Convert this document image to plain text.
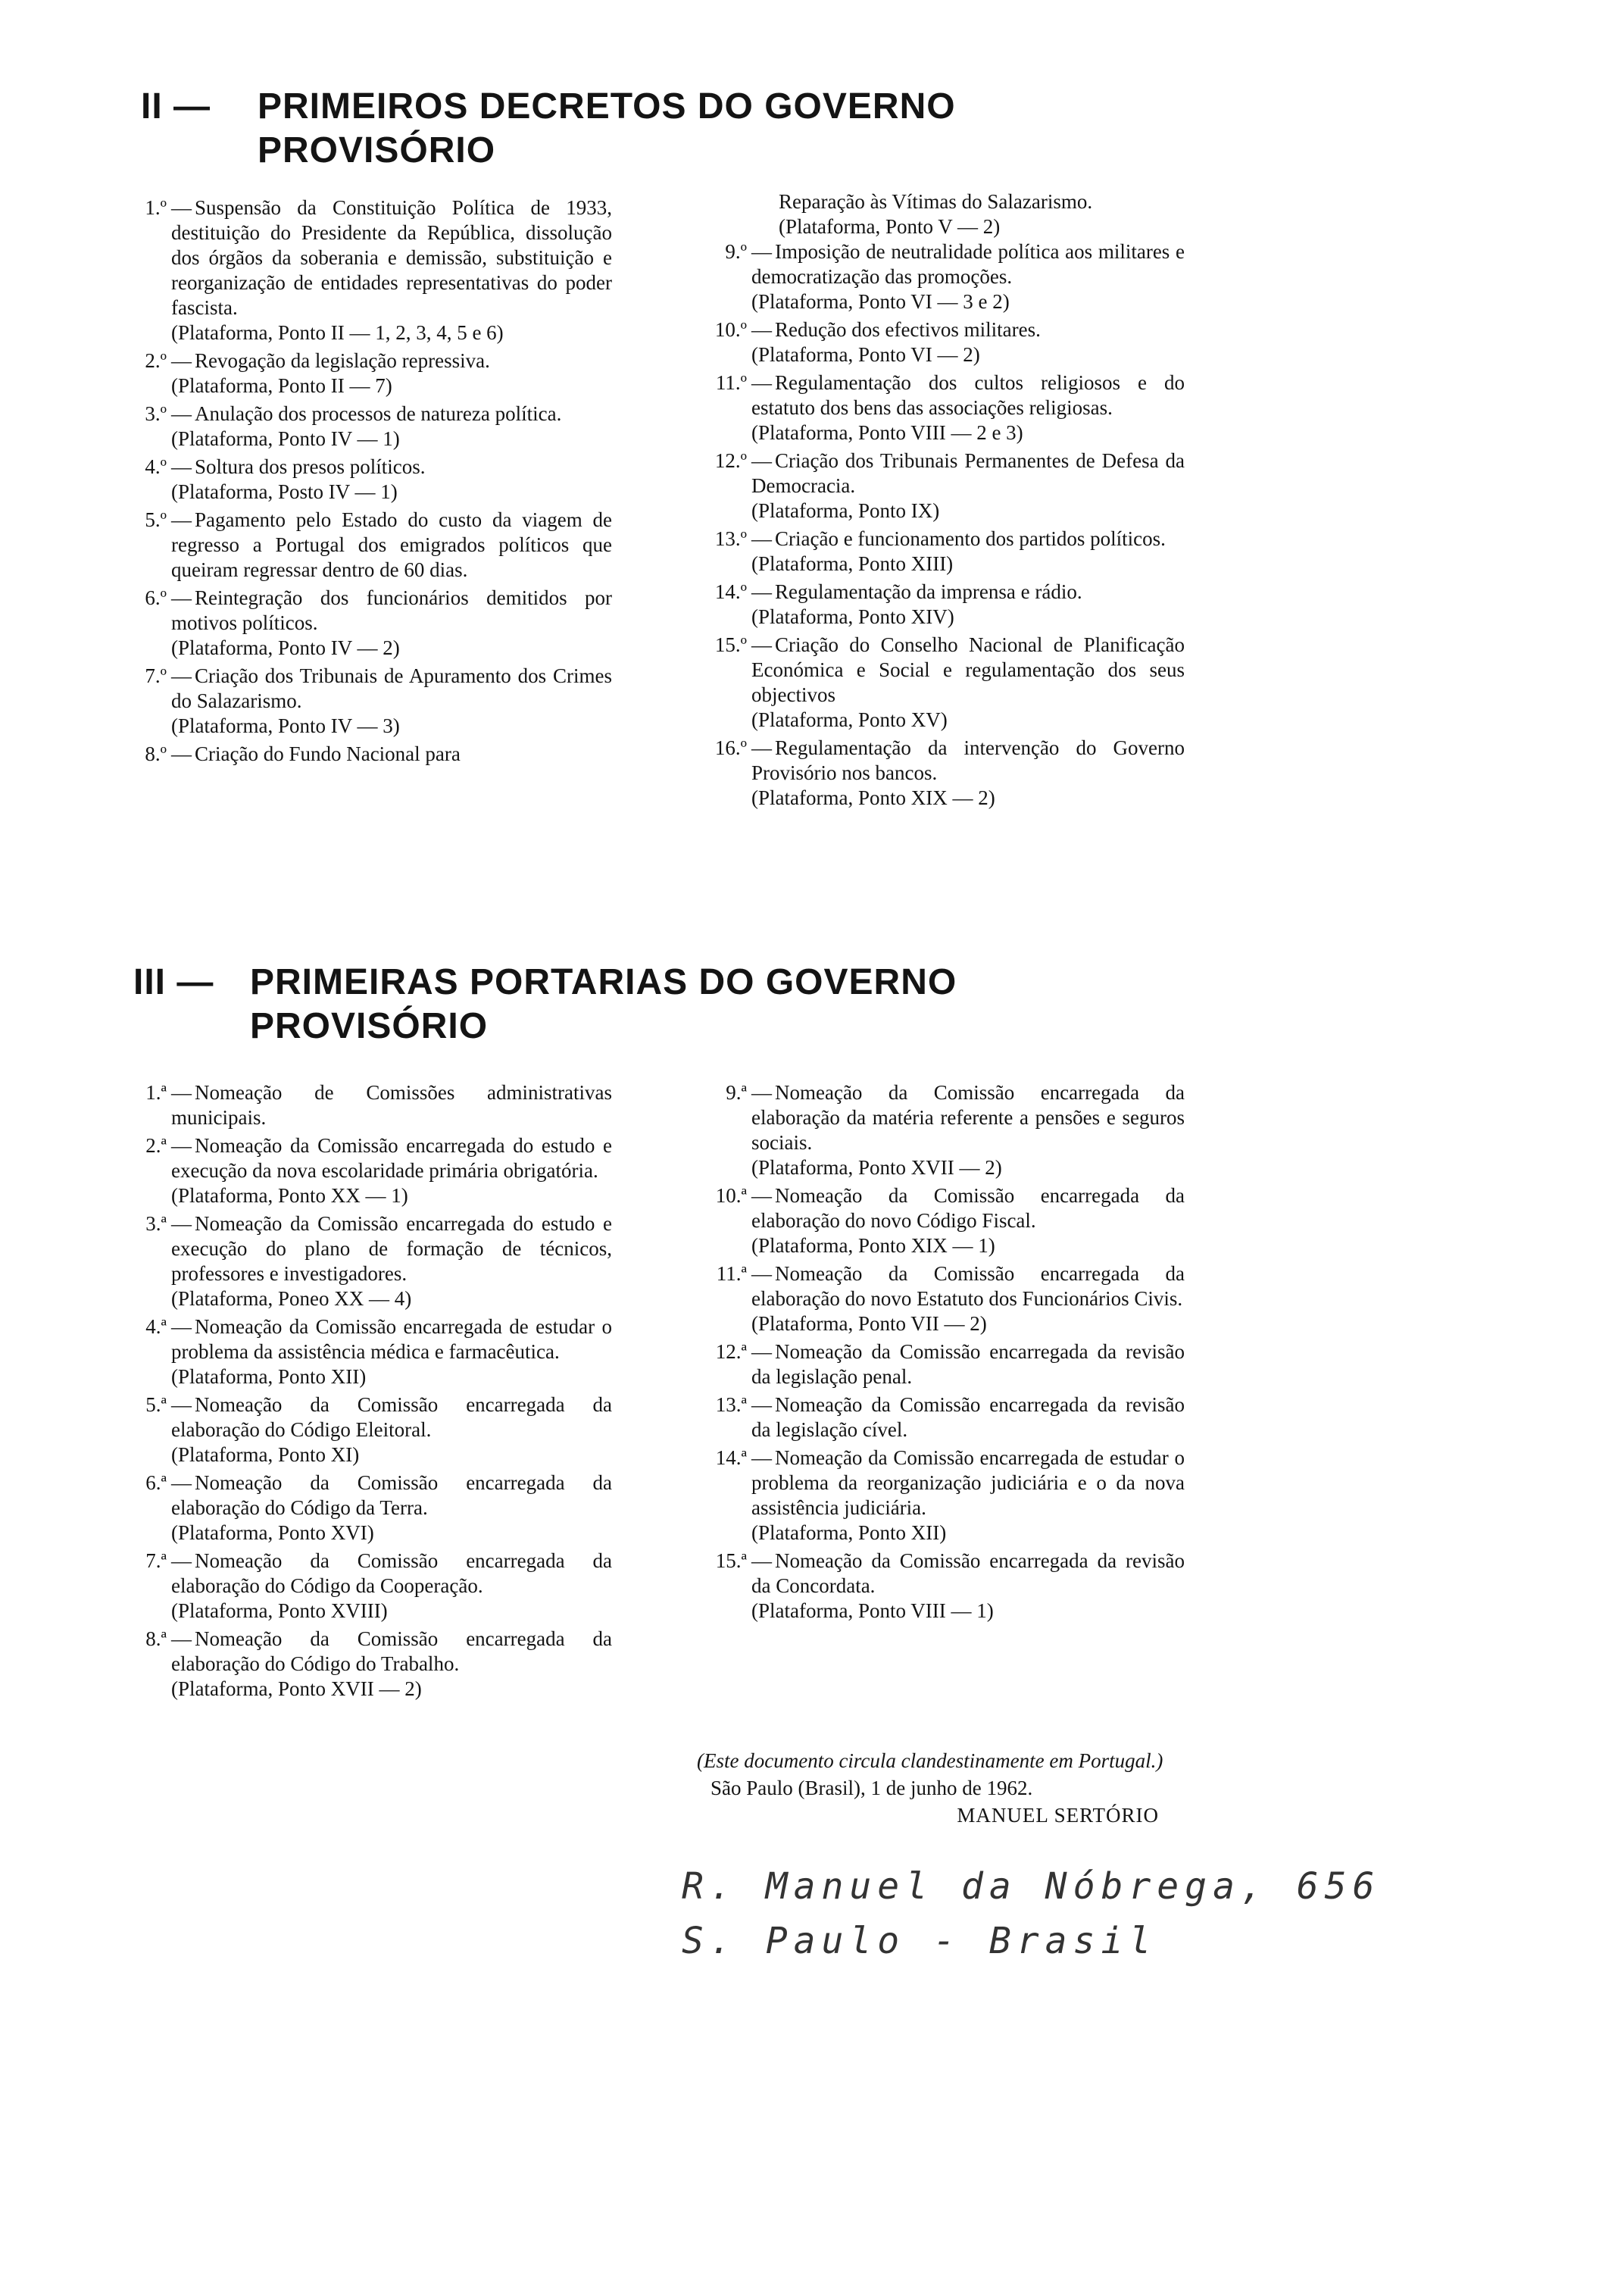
II — PRIMEIROS DECRETOS DO GOVERNO
PROVISÓRIO
1.º — Suspensão da Constituição Política de 1933, destituição do Presidente da República, dissolução dos órgãos da soberania e demissão, substituição e reorganização de entidades representativas do poder fascista.
(Plataforma, Ponto II — 1, 2, 3, 4, 5 e 6)
2.º — Revogação da legislação repressiva.
(Plataforma, Ponto II — 7)
3.º — Anulação dos processos de natureza política.
(Plataforma, Ponto IV — 1)
4.º — Soltura dos presos políticos.
(Plataforma, Posto IV — 1)
5.º — Pagamento pelo Estado do custo da viagem de regresso a Portugal dos emigrados políticos que queiram regressar dentro de 60 dias.
6.º — Reintegração dos funcionários demitidos por motivos políticos.
(Plataforma, Ponto IV — 2)
7.º — Criação dos Tribunais de Apuramento dos Crimes do Salazarismo.
(Plataforma, Ponto IV — 3)
8.º — Criação do Fundo Nacional para
Reparação às Vítimas do Salazarismo.
(Plataforma, Ponto V — 2)
9.º — Imposição de neutralidade política aos militares e democratização das promoções.
(Plataforma, Ponto VI — 3 e 2)
10.º — Redução dos efectivos militares.
(Plataforma, Ponto VI — 2)
11.º — Regulamentação dos cultos religiosos e do estatuto dos bens das associações religiosas.
(Plataforma, Ponto VIII — 2 e 3)
12.º — Criação dos Tribunais Permanentes de Defesa da Democracia.
(Plataforma, Ponto IX)
13.º — Criação e funcionamento dos partidos políticos.
(Plataforma, Ponto XIII)
14.º — Regulamentação da imprensa e rádio.
(Plataforma, Ponto XIV)
15.º — Criação do Conselho Nacional de Planificação Económica e Social e regulamentação dos seus objectivos
(Plataforma, Ponto XV)
16.º — Regulamentação da intervenção do Governo Provisório nos bancos.
(Plataforma, Ponto XIX — 2)
III — PRIMEIRAS PORTARIAS DO GOVERNO
PROVISÓRIO
1.ª — Nomeação de Comissões administrativas municipais.
2.ª — Nomeação da Comissão encarregada do estudo e execução da nova escolaridade primária obrigatória.
(Plataforma, Ponto XX — 1)
3.ª — Nomeação da Comissão encarregada do estudo e execução do plano de formação de técnicos, professores e investigadores.
(Plataforma, Poneo XX — 4)
4.ª — Nomeação da Comissão encarregada de estudar o problema da assistência médica e farmacêutica.
(Plataforma, Ponto XII)
5.ª — Nomeação da Comissão encarregada da elaboração do Código Eleitoral.
(Plataforma, Ponto XI)
6.ª — Nomeação da Comissão encarregada da elaboração do Código da Terra.
(Plataforma, Ponto XVI)
7.ª — Nomeação da Comissão encarregada da elaboração do Código da Cooperação.
(Plataforma, Ponto XVIII)
8.ª — Nomeação da Comissão encarregada da elaboração do Código do Trabalho.
(Plataforma, Ponto XVII — 2)
9.ª — Nomeação da Comissão encarregada da elaboração da matéria referente a pensões e seguros sociais.
(Plataforma, Ponto XVII — 2)
10.ª — Nomeação da Comissão encarregada da elaboração do novo Código Fiscal.
(Plataforma, Ponto XIX — 1)
11.ª — Nomeação da Comissão encarregada da elaboração do novo Estatuto dos Funcionários Civis.
(Plataforma, Ponto VII — 2)
12.ª — Nomeação da Comissão encarregada da revisão da legislação penal.
13.ª — Nomeação da Comissão encarregada da revisão da legislação cível.
14.ª — Nomeação da Comissão encarregada de estudar o problema da reorganização judiciária e o da nova assistência judiciária.
(Plataforma, Ponto XII)
15.ª — Nomeação da Comissão encarregada da revisão da Concordata.
(Plataforma, Ponto VIII — 1)
(Este documento circula clandestinamente em Portugal.)
São Paulo (Brasil), 1 de junho de 1962.
MANUEL SERTÓRIO
R. Manuel da Nóbrega, 656
S. Paulo - Brasil
